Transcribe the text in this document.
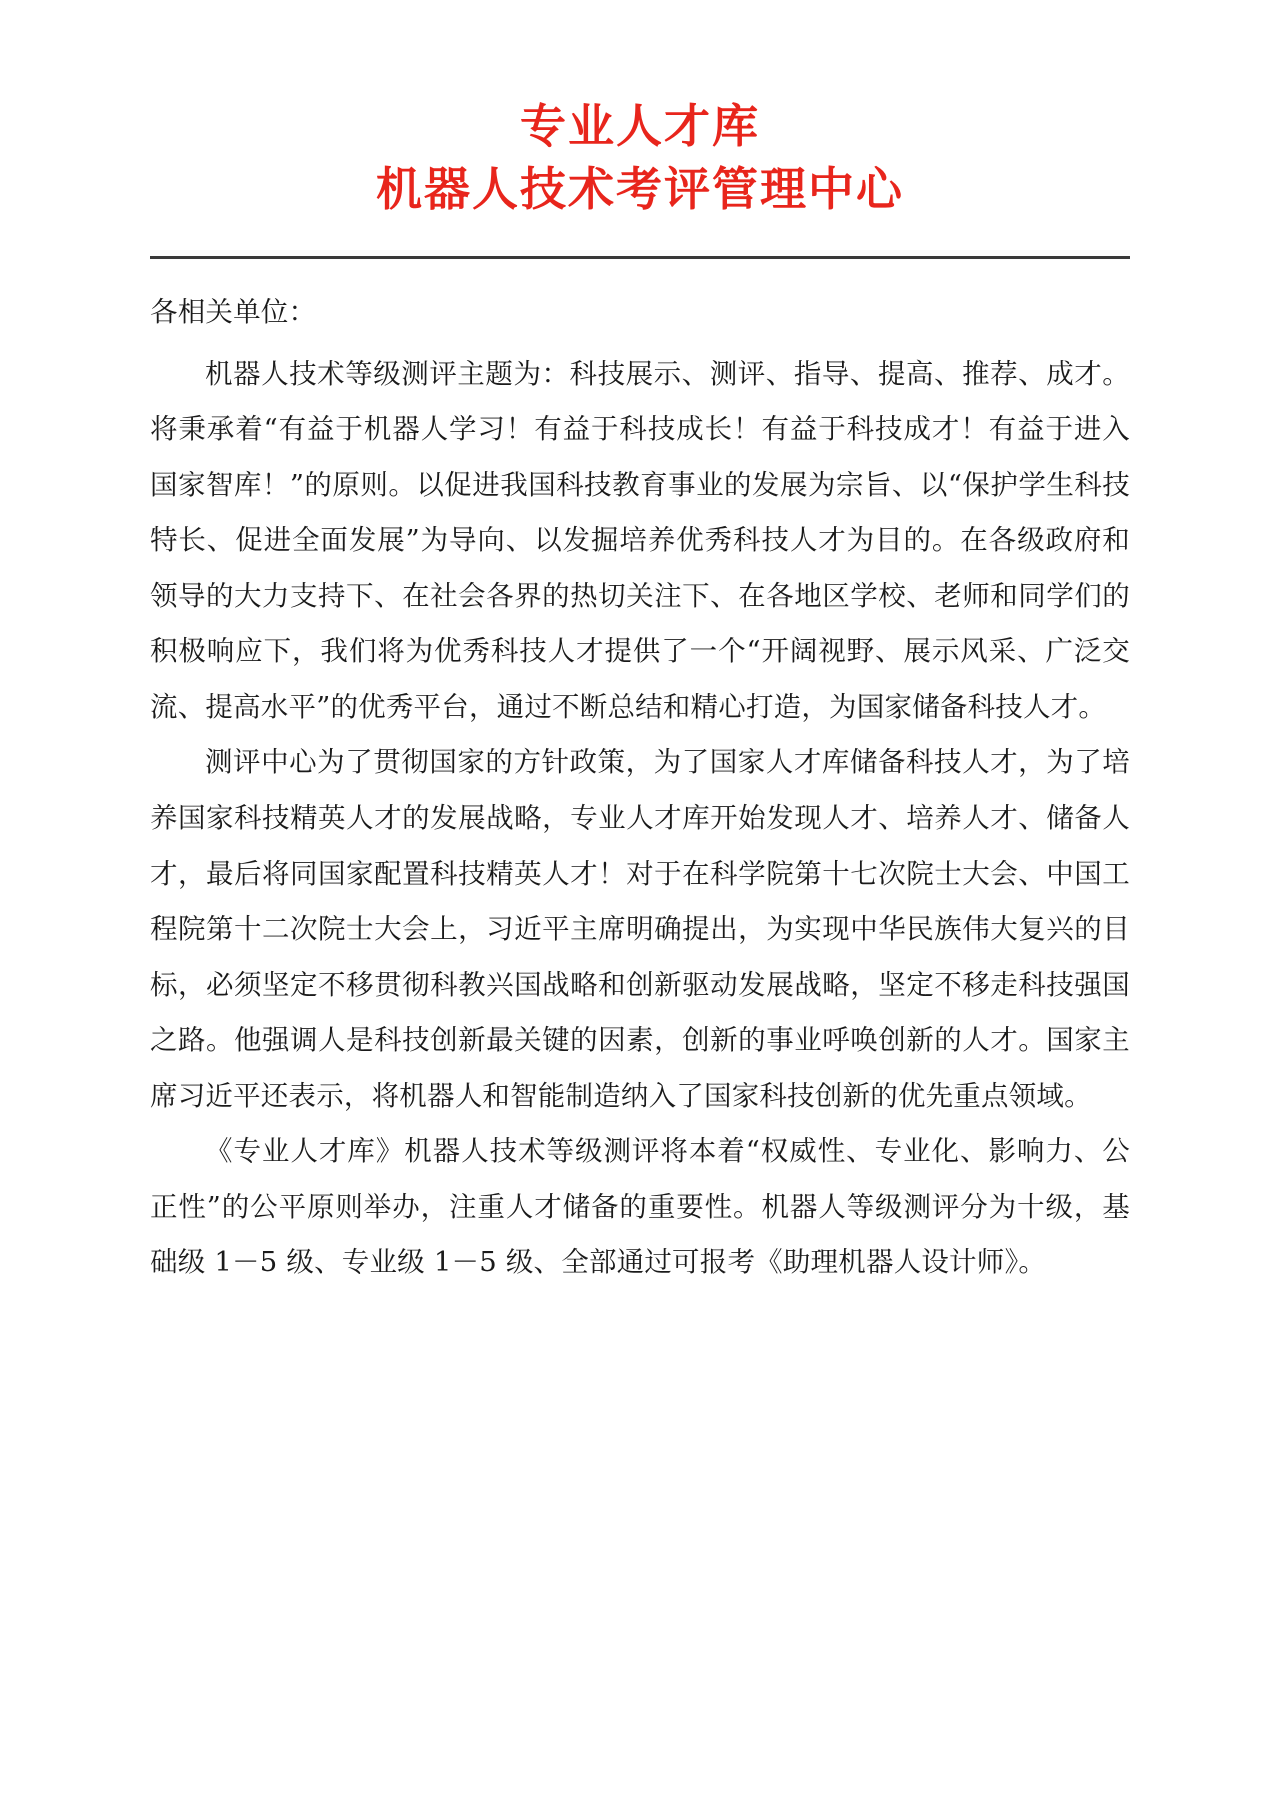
专业人才库
机器人技术考评管理中心

各相关单位：

机器人技术等级测评主题为：科技展示、测评、指导、提高、推荐、成才。将秉承着“有益于机器人学习！有益于科技成长！有益于科技成才！有益于进入国家智库！”的原则。以促进我国科技教育事业的发展为宗旨、以“保护学生科技特长、促进全面发展”为导向、以发掘培养优秀科技人才为目的。在各级政府和领导的大力支持下、在社会各界的热切关注下、在各地区学校、老师和同学们的积极响应下，我们将为优秀科技人才提供了一个“开阔视野、展示风采、广泛交流、提高水平”的优秀平台，通过不断总结和精心打造，为国家储备科技人才。

测评中心为了贯彻国家的方针政策，为了国家人才库储备科技人才，为了培养国家科技精英人才的发展战略，专业人才库开始发现人才、培养人才、储备人才，最后将同国家配置科技精英人才！对于在科学院第十七次院士大会、中国工程院第十二次院士大会上，习近平主席明确提出，为实现中华民族伟大复兴的目标，必须坚定不移贯彻科教兴国战略和创新驱动发展战略，坚定不移走科技强国之路。他强调人是科技创新最关键的因素，创新的事业呼唤创新的人才。国家主席习近平还表示，将机器人和智能制造纳入了国家科技创新的优先重点领域。

《专业人才库》机器人技术等级测评将本着“权威性、专业化、影响力、公正性”的公平原则举办，注重人才储备的重要性。机器人等级测评分为十级，基础级 1－5 级、专业级 1－5 级、全部通过可报考《助理机器人设计师》。
